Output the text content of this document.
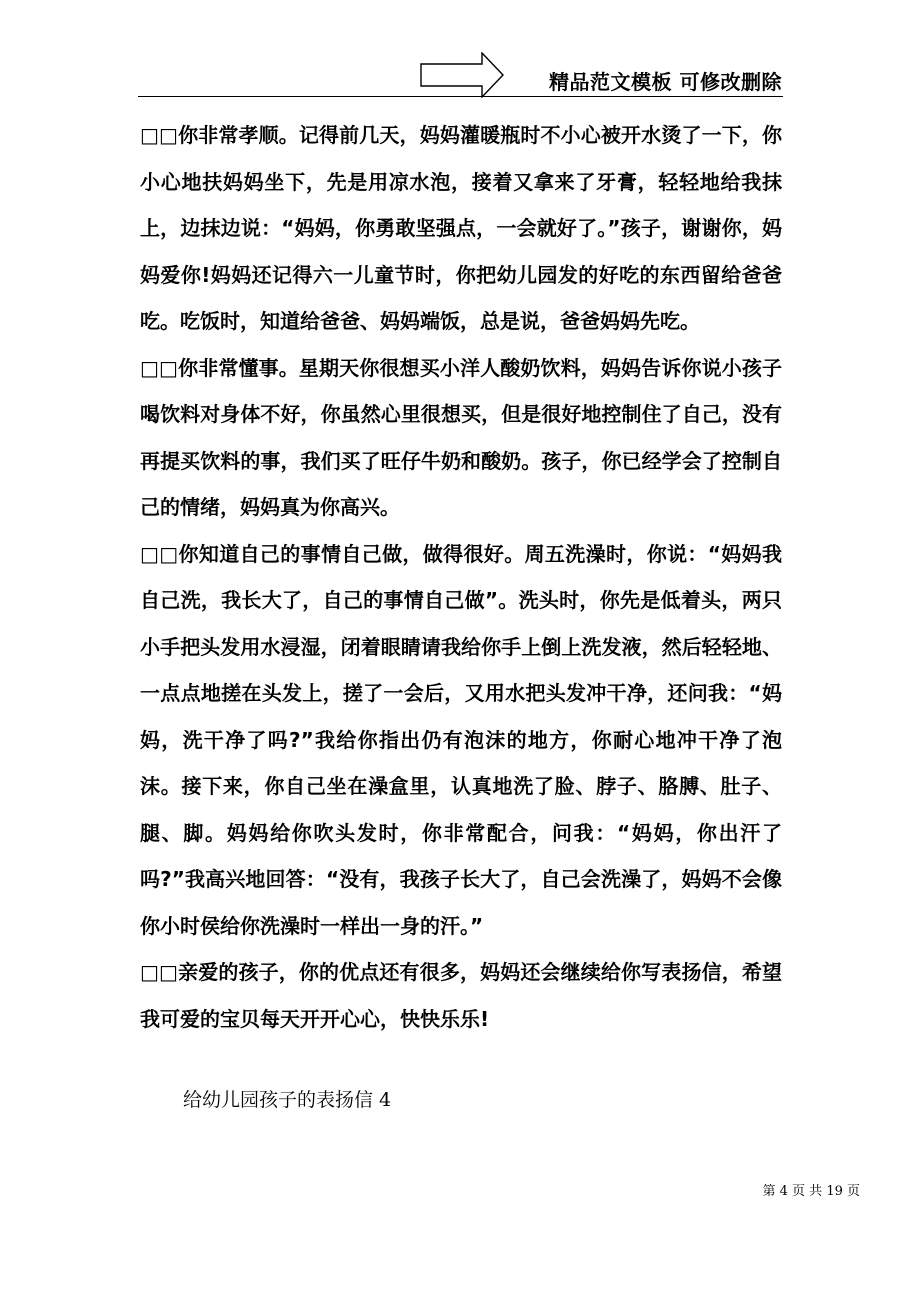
精品范文模板 可修改删除

□□你非常孝顺。记得前几天，妈妈灌暖瓶时不小心被开水烫了一下，你小心地扶妈妈坐下，先是用凉水泡，接着又拿来了牙膏，轻轻地给我抹上，边抹边说：“妈妈，你勇敢坚强点，一会就好了。”孩子，谢谢你，妈妈爱你!妈妈还记得六一儿童节时，你把幼儿园发的好吃的东西留给爸爸吃。吃饭时，知道给爸爸、妈妈端饭，总是说，爸爸妈妈先吃。

□□你非常懂事。星期天你很想买小洋人酸奶饮料，妈妈告诉你说小孩子喝饮料对身体不好，你虽然心里很想买，但是很好地控制住了自己，没有再提买饮料的事，我们买了旺仔牛奶和酸奶。孩子，你已经学会了控制自己的情绪，妈妈真为你高兴。

□□你知道自己的事情自己做，做得很好。周五洗澡时，你说：“妈妈我自己洗，我长大了，自己的事情自己做”。洗头时，你先是低着头，两只小手把头发用水浸湿，闭着眼睛请我给你手上倒上洗发液，然后轻轻地、一点点地搓在头发上，搓了一会后，又用水把头发冲干净，还问我：“妈妈，洗干净了吗?”我给你指出仍有泡沫的地方，你耐心地冲干净了泡沫。接下来，你自己坐在澡盒里，认真地洗了脸、脖子、胳膊、肚子、腿、脚。妈妈给你吹头发时，你非常配合，问我：“妈妈，你出汗了吗?”我高兴地回答：“没有，我孩子长大了，自己会洗澡了，妈妈不会像你小时侯给你洗澡时一样出一身的汗。”

□□亲爱的孩子，你的优点还有很多，妈妈还会继续给你写表扬信，希望我可爱的宝贝每天开开心心，快快乐乐!

给幼儿园孩子的表扬信 4
第 4 页 共 19 页
